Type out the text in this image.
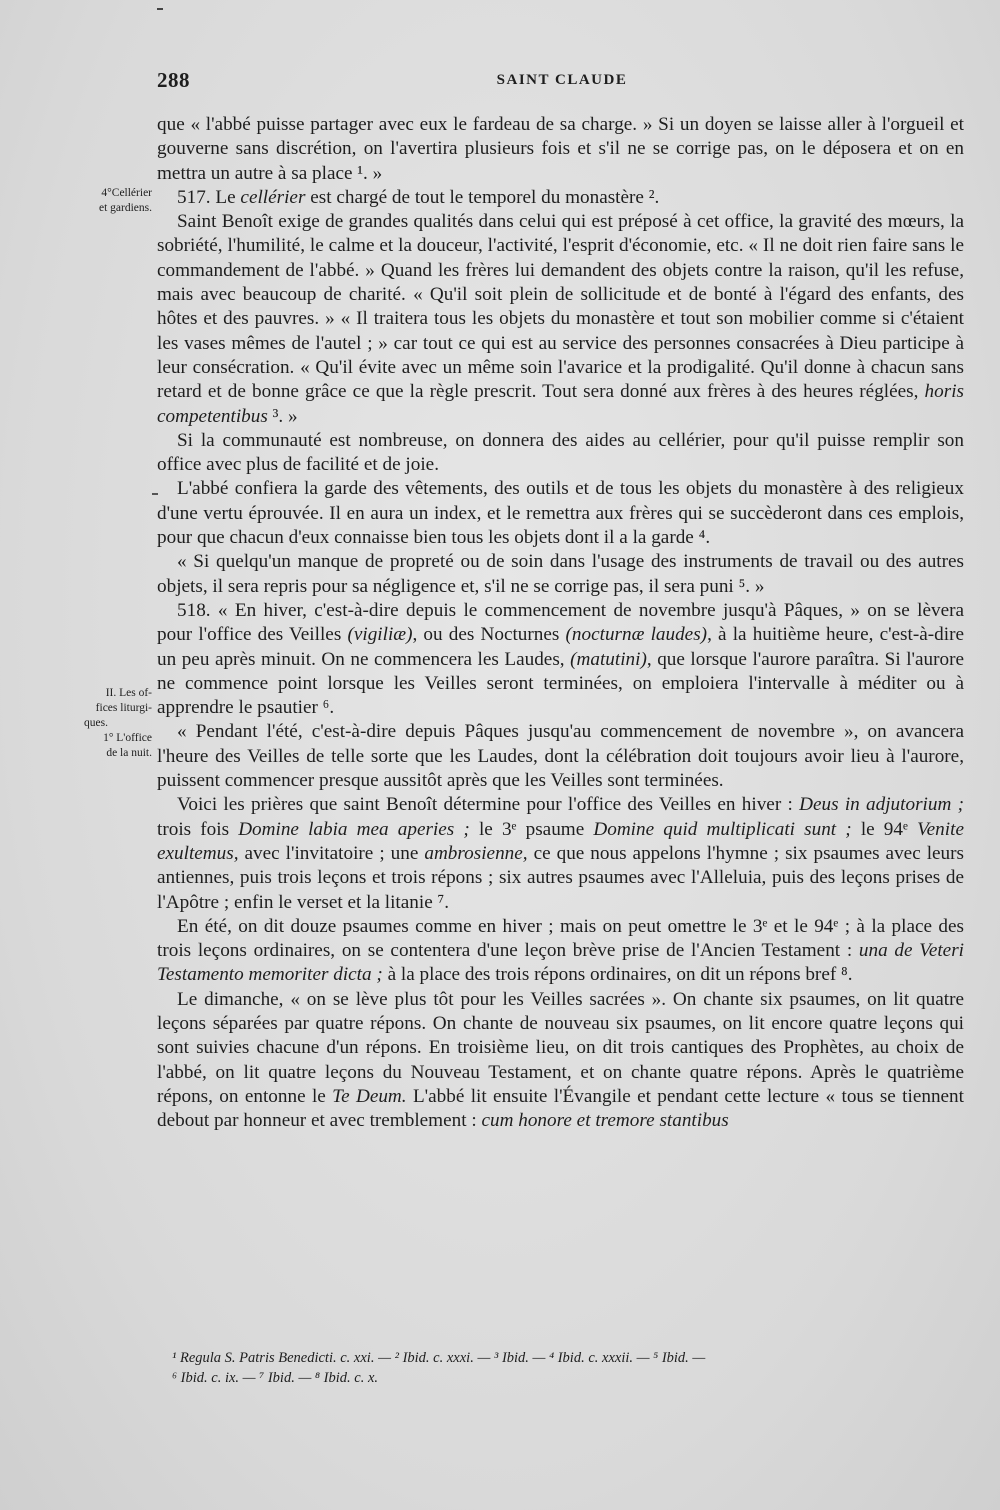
288	SAINT CLAUDE
4°Cellérier
et gardiens.
II. Les of-
fices liturgi-
ques.
1° L'office
de la nuit.

que « l'abbé puisse partager avec eux le fardeau de sa charge. » Si un doyen se laisse aller à l'orgueil et gouverne sans discrétion, on l'avertira plusieurs fois et s'il ne se corrige pas, on le déposera et on en mettra un autre à sa place ¹. »

517. Le cellérier est chargé de tout le temporel du monastère ².

Saint Benoît exige de grandes qualités dans celui qui est préposé à cet office, la gravité des mœurs, la sobriété, l'humilité, le calme et la douceur, l'activité, l'esprit d'économie, etc. « Il ne doit rien faire sans le commandement de l'abbé. » Quand les frères lui demandent des objets contre la raison, qu'il les refuse, mais avec beaucoup de charité. « Qu'il soit plein de sollicitude et de bonté à l'égard des enfants, des hôtes et des pauvres. » « Il traitera tous les objets du monastère et tout son mobilier comme si c'étaient les vases mêmes de l'autel ; » car tout ce qui est au service des personnes consacrées à Dieu participe à leur consécration. « Qu'il évite avec un même soin l'avarice et la prodigalité. Qu'il donne à chacun sans retard et de bonne grâce ce que la règle prescrit. Tout sera donné aux frères à des heures réglées, horis competentibus ³. »

Si la communauté est nombreuse, on donnera des aides au cellérier, pour qu'il puisse remplir son office avec plus de facilité et de joie.

L'abbé confiera la garde des vêtements, des outils et de tous les objets du monastère à des religieux d'une vertu éprouvée. Il en aura un index, et le remettra aux frères qui se succèderont dans ces emplois, pour que chacun d'eux connaisse bien tous les objets dont il a la garde ⁴.

« Si quelqu'un manque de propreté ou de soin dans l'usage des instruments de travail ou des autres objets, il sera repris pour sa négligence et, s'il ne se corrige pas, il sera puni ⁵. »

518. « En hiver, c'est-à-dire depuis le commencement de novembre jusqu'à Pâques, » on se lèvera pour l'office des Veilles (vigiliæ), ou des Nocturnes (nocturnæ laudes), à la huitième heure, c'est-à-dire un peu après minuit. On ne commencera les Laudes, (matutini), que lorsque l'aurore paraîtra. Si l'aurore ne commence point lorsque les Veilles seront terminées, on emploiera l'intervalle à méditer ou à apprendre le psautier ⁶.

« Pendant l'été, c'est-à-dire depuis Pâques jusqu'au commencement de novembre », on avancera l'heure des Veilles de telle sorte que les Laudes, dont la célébration doit toujours avoir lieu à l'aurore, puissent commencer presque aussitôt après que les Veilles sont terminées.

Voici les prières que saint Benoît détermine pour l'office des Veilles en hiver : Deus in adjutorium ; trois fois Domine labia mea aperies ; le 3ᵉ psaume Domine quid multiplicati sunt ; le 94ᵉ Venite exultemus, avec l'invitatoire ; une ambrosienne, ce que nous appelons l'hymne ; six psaumes avec leurs antiennes, puis trois leçons et trois répons ; six autres psaumes avec l'Alleluia, puis des leçons prises de l'Apôtre ; enfin le verset et la litanie ⁷.

En été, on dit douze psaumes comme en hiver ; mais on peut omettre le 3ᵉ et le 94ᵉ ; à la place des trois leçons ordinaires, on se contentera d'une leçon brève prise de l'Ancien Testament : una de Veteri Testamento memoriter dicta ; à la place des trois répons ordinaires, on dit un répons bref ⁸.

Le dimanche, « on se lève plus tôt pour les Veilles sacrées ». On chante six psaumes, on lit quatre leçons séparées par quatre répons. On chante de nouveau six psaumes, on lit encore quatre leçons qui sont suivies chacune d'un répons. En troisième lieu, on dit trois cantiques des Prophètes, au choix de l'abbé, on lit quatre leçons du Nouveau Testament, et on chante quatre répons. Après le quatrième répons, on entonne le Te Deum. L'abbé lit ensuite l'Évangile et pendant cette lecture « tous se tiennent debout par honneur et avec tremblement : cum honore et tremore stantibus

¹ Regula S. Patris Benedicti. c. xxi. — ² Ibid. c. xxxi. — ³ Ibid. — ⁴ Ibid. c. xxxii. — ⁵ Ibid. —
⁶ Ibid. c. ix. — ⁷ Ibid. — ⁸ Ibid. c. x.
